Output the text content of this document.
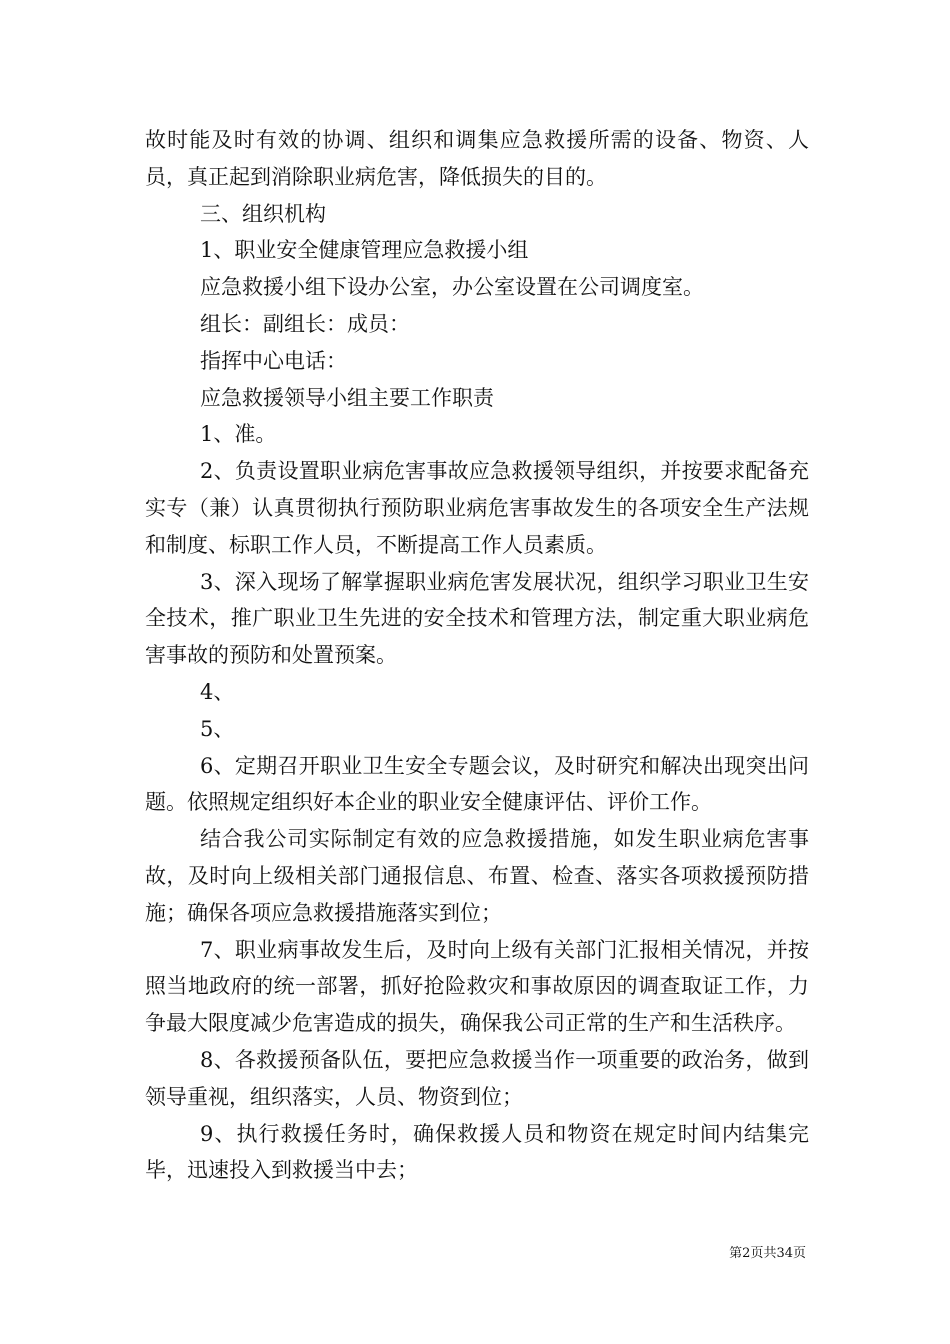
故时能及时有效的协调、组织和调集应急救援所需的设备、物资、人员，真正起到消除职业病危害，降低损失的目的。

三、组织机构

1、职业安全健康管理应急救援小组

应急救援小组下设办公室，办公室设置在公司调度室。

组长：副组长：成员：

指挥中心电话：

应急救援领导小组主要工作职责

1、准。

2、负责设置职业病危害事故应急救援领导组织，并按要求配备充实专（兼）认真贯彻执行预防职业病危害事故发生的各项安全生产法规和制度、标职工作人员，不断提高工作人员素质。

3、深入现场了解掌握职业病危害发展状况，组织学习职业卫生安全技术，推广职业卫生先进的安全技术和管理方法，制定重大职业病危害事故的预防和处置预案。

4、

5、

6、定期召开职业卫生安全专题会议，及时研究和解决出现突出问题。依照规定组织好本企业的职业安全健康评估、评价工作。

结合我公司实际制定有效的应急救援措施，如发生职业病危害事故，及时向上级相关部门通报信息、布置、检查、落实各项救援预防措施；确保各项应急救援措施落实到位；

7、职业病事故发生后，及时向上级有关部门汇报相关情况，并按照当地政府的统一部署，抓好抢险救灾和事故原因的调查取证工作，力争最大限度减少危害造成的损失，确保我公司正常的生产和生活秩序。

8、各救援预备队伍，要把应急救援当作一项重要的政治务，做到领导重视，组织落实，人员、物资到位；

9、执行救援任务时，确保救援人员和物资在规定时间内结集完毕，迅速投入到救援当中去；

第2页共34页
